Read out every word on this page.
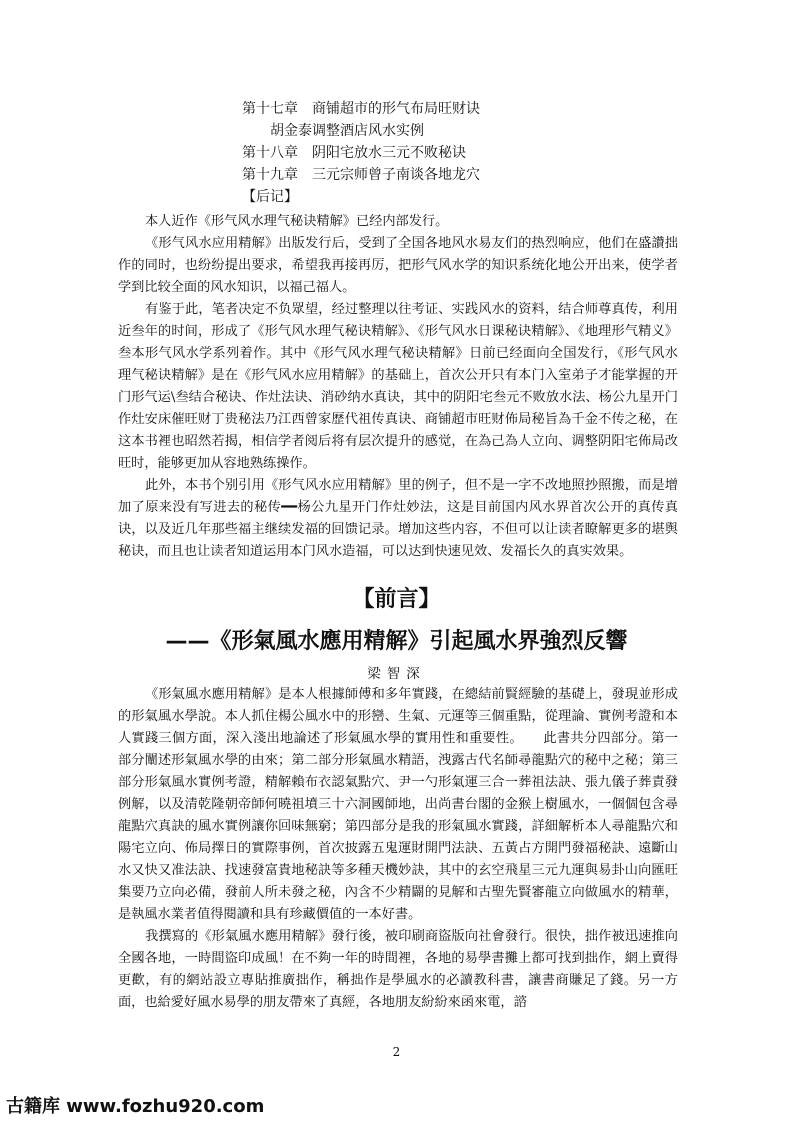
第十七章 商铺超市的形气布局旺财诀
胡金泰调整酒店风水实例
第十八章 阴阳宅放水三元不败秘诀
第十九章 三元宗师曾子南谈各地龙穴
【后记】

本人近作《形气风水理气秘诀精解》已经内部发行。

《形气风水应用精解》出版发行后，受到了全国各地风水易友们的热烈响应，他们在盛讚拙作的同时，也纷纷提出要求，希望我再接再厉，把形气风水学的知识系统化地公开出来，使学者学到比较全面的风水知识，以福己福人。

有鉴于此，笔者决定不负眾望，经过整理以往考证、实践风水的资料，结合师尊真传，利用近叁年的时间，形成了《形气风水理气秘诀精解》、《形气风水日课秘诀精解》、《地理形气精义》叁本形气风水学系列着作。其中《形气风水理气秘诀精解》日前已经面向全国发行，《形气风水理气秘诀精解》是在《形气风水应用精解》的基础上，首次公开只有本门入室弟子才能掌握的开门形气运\叁结合秘诀、作灶法诀、消砂纳水真诀，其中的阴阳宅叁元不败放水法、杨公九星开门作灶安床催旺财丁贵秘法乃江西曾家歷代祖传真诀、商铺超市旺财佈局秘旨為千金不传之秘，在这本书裡也昭然若揭，相信学者阅后将有层次提升的感觉，在為己為人立向、调整阴阳宅佈局改旺时，能够更加从容地熟练操作。

此外，本书个别引用《形气风水应用精解》里的例子，但不是一字不改地照抄照搬，而是增加了原来没有写进去的秘传━━杨公九星开门作灶妙法，这是目前国内风水界首次公开的真传真诀，以及近几年那些福主继续发福的回馈记录。增加这些内容，不但可以让读者瞭解更多的堪舆秘诀，而且也让读者知道运用本门风水造福，可以达到快速见效、发福长久的真实效果。

【前言】
——《形氣風水應用精解》引起風水界強烈反響
梁智深

《形氣風水應用精解》是本人根據師傅和多年實踐，在總結前賢經驗的基礎上，發現並形成的形氣風水學說。本人抓住楊公風水中的形巒、生氣、元運等三個重點，從理論、實例考證和本人實踐三個方面，深入淺出地論述了形氣風水學的實用性和重要性。　　此書共分四部分。第一部分闡述形氣風水學的由來；第二部分形氣風水精語，洩露古代名師尋龍點穴的秘中之秘；第三部分形氣風水實例考證，精解賴布衣認氣點穴、尹一勺形氣運三合一葬祖法訣、張九儀子葬責發例解，以及清乾隆朝帝師何曉祖墳三十六洞國師地，出尚書台閣的金猴上樹風水，一個個包含尋龍點穴真訣的風水實例讓你回味無窮；第四部分是我的形氣風水實踐，詳細解析本人尋龍點穴和陽宅立向、佈局擇日的實際事例，首次披露五鬼運財開門法訣、五黃占方開門發福秘訣、遠斷山水又快又准法訣、找速發富貴地秘訣等多種天機妙訣，其中的玄空飛星三元九運與易卦山向匯旺集要乃立向必備，發前人所未發之秘，內含不少精闢的見解和古聖先賢審龍立向做風水的精華，是執風水業者值得閱讀和具有珍藏價值的一本好書。

我撰寫的《形氣風水應用精解》發行後，被印刷商盜版向社會發行。很快，拙作被迅速推向全國各地，一時間盜印成風！在不夠一年的時間裡，各地的易學書攤上都可找到拙作，網上賣得更歡，有的網站設立專貼推廣拙作，稱拙作是學風水的必讀教科書，讓書商賺足了錢。另一方面，也給愛好風水易學的朋友帶來了真經，各地朋友紛紛來函來電，諮

2
古籍库 www.fozhu920.com
